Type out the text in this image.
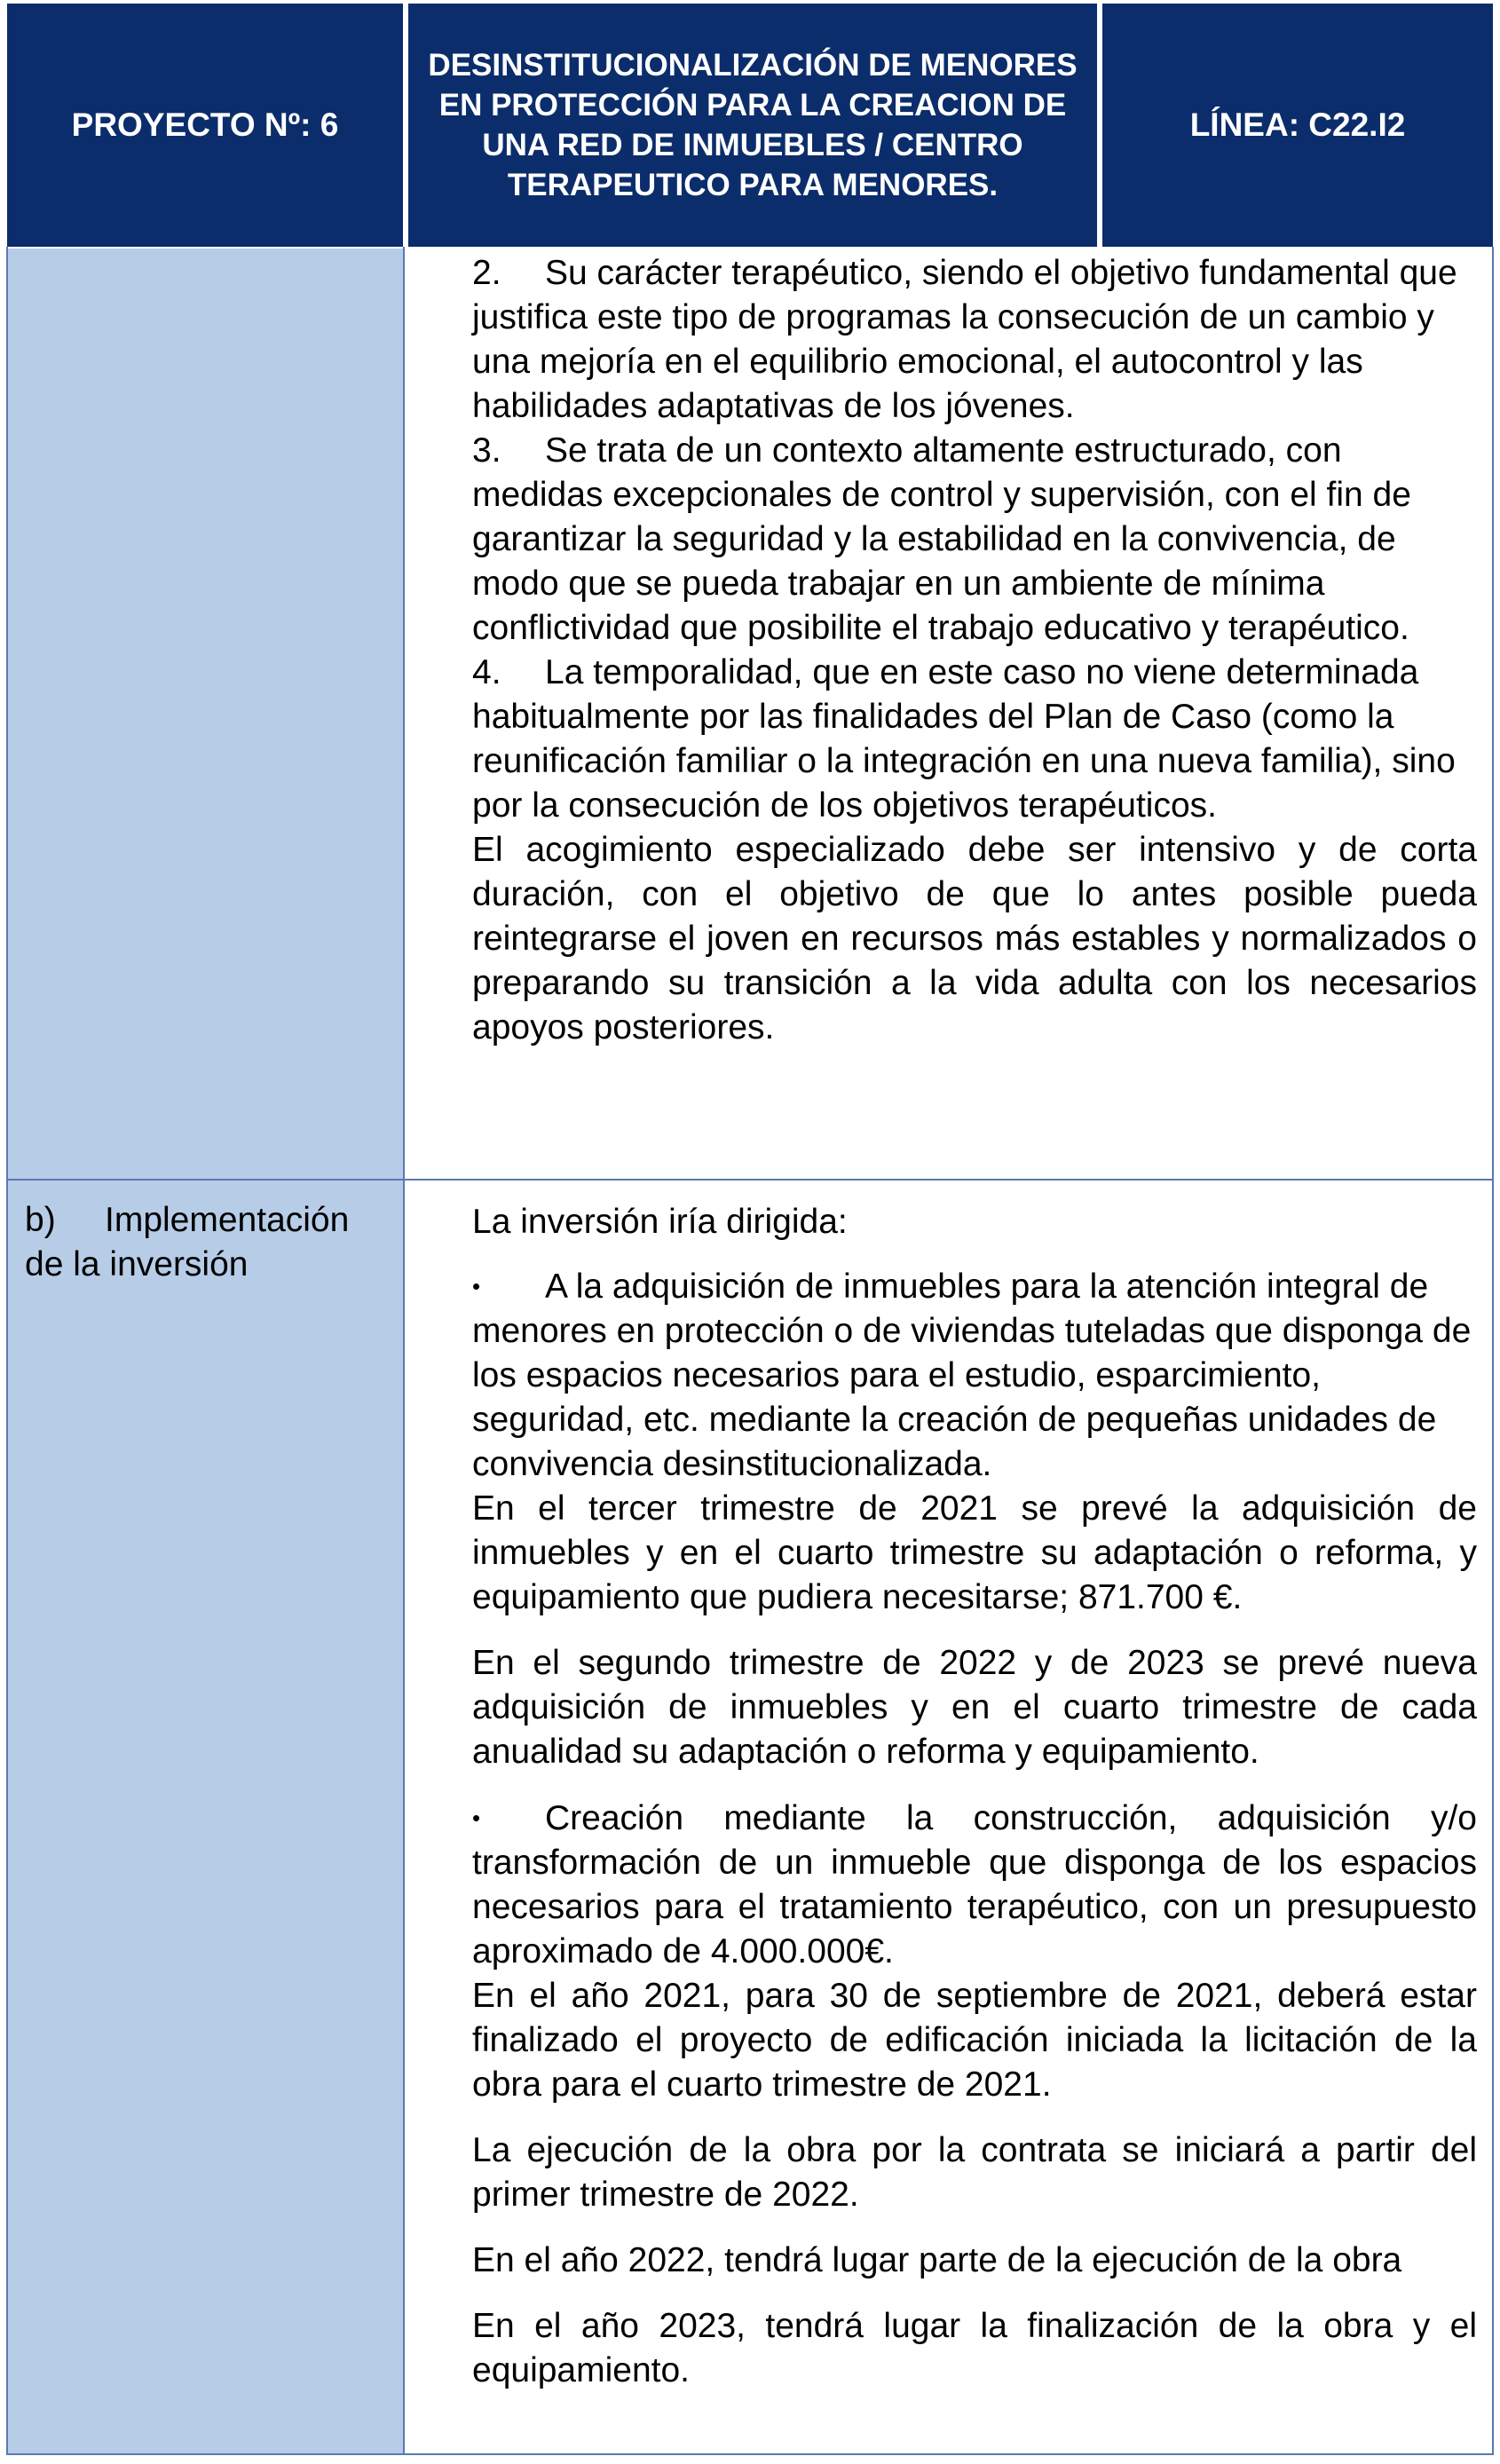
PROYECTO Nº: 6
DESINSTITUCIONALIZACIÓN DE MENORES EN PROTECCIÓN PARA LA CREACION DE UNA RED DE INMUEBLES / CENTRO TERAPEUTICO PARA MENORES.
LÍNEA: C22.I2
b) Implementación de la inversión

2. Su carácter terapéutico, siendo el objetivo fundamental que justifica este tipo de programas la consecución de un cambio y una mejoría en el equilibrio emocional, el autocontrol y las habilidades adaptativas de los jóvenes.

3. Se trata de un contexto altamente estructurado, con medidas excepcionales de control y supervisión, con el fin de garantizar la seguridad y la estabilidad en la convivencia, de modo que se pueda trabajar en un ambiente de mínima conflictividad que posibilite el trabajo educativo y terapéutico.

4. La temporalidad, que en este caso no viene determinada habitualmente por las finalidades del Plan de Caso (como la reunificación familiar o la integración en una nueva familia), sino por la consecución de los objetivos terapéuticos.

El acogimiento especializado debe ser intensivo y de corta duración, con el objetivo de que lo antes posible pueda reintegrarse el joven en recursos más estables y normalizados o preparando su transición a la vida adulta con los necesarios apoyos posteriores.

La inversión iría dirigida:

• A la adquisición de inmuebles para la atención integral de menores en protección o de viviendas tuteladas que disponga de los espacios necesarios para el estudio, esparcimiento, seguridad, etc. mediante la creación de pequeñas unidades de convivencia desinstitucionalizada.

En el tercer trimestre de 2021 se prevé la adquisición de inmuebles y en el cuarto trimestre su adaptación o reforma, y equipamiento que pudiera necesitarse; 871.700 €.

En el segundo trimestre de 2022 y de 2023 se prevé nueva adquisición de inmuebles y en el cuarto trimestre de cada anualidad su adaptación o reforma y equipamiento.

• Creación mediante la construcción, adquisición y/o transformación de un inmueble que disponga de los espacios necesarios para el tratamiento terapéutico, con un presupuesto aproximado de 4.000.000€.

En el año 2021, para 30 de septiembre de 2021, deberá estar finalizado el proyecto de edificación iniciada la licitación de la obra para el cuarto trimestre de 2021.

La ejecución de la obra por la contrata se iniciará a partir del primer trimestre de 2022.

En el año 2022, tendrá lugar parte de la ejecución de la obra

En el año 2023, tendrá lugar la finalización de la obra y el equipamiento.
